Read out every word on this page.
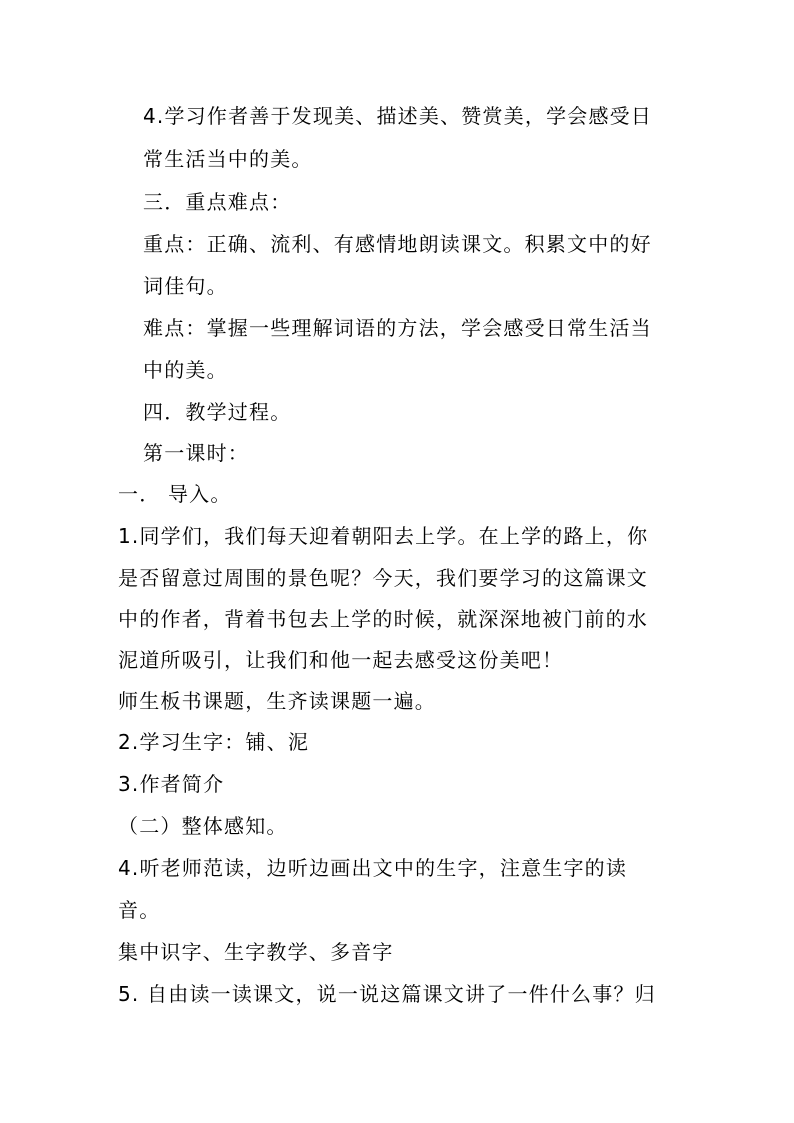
4.学习作者善于发现美、描述美、赞赏美，学会感受日
常生活当中的美。
三．重点难点：
重点：正确、流利、有感情地朗读课文。积累文中的好
词佳句。
难点：掌握一些理解词语的方法，学会感受日常生活当
中的美。
四．教学过程。
第一课时：
一． 导入。
1.同学们，我们每天迎着朝阳去上学。在上学的路上，你
是否留意过周围的景色呢？今天，我们要学习的这篇课文
中的作者，背着书包去上学的时候，就深深地被门前的水
泥道所吸引，让我们和他一起去感受这份美吧！
师生板书课题，生齐读课题一遍。
2.学习生字：铺、泥
3.作者简介
（二）整体感知。
4.听老师范读，边听边画出文中的生字，注意生字的读
音。
集中识字、生字教学、多音字
5. 自由读一读课文，说一说这篇课文讲了一件什么事？归
